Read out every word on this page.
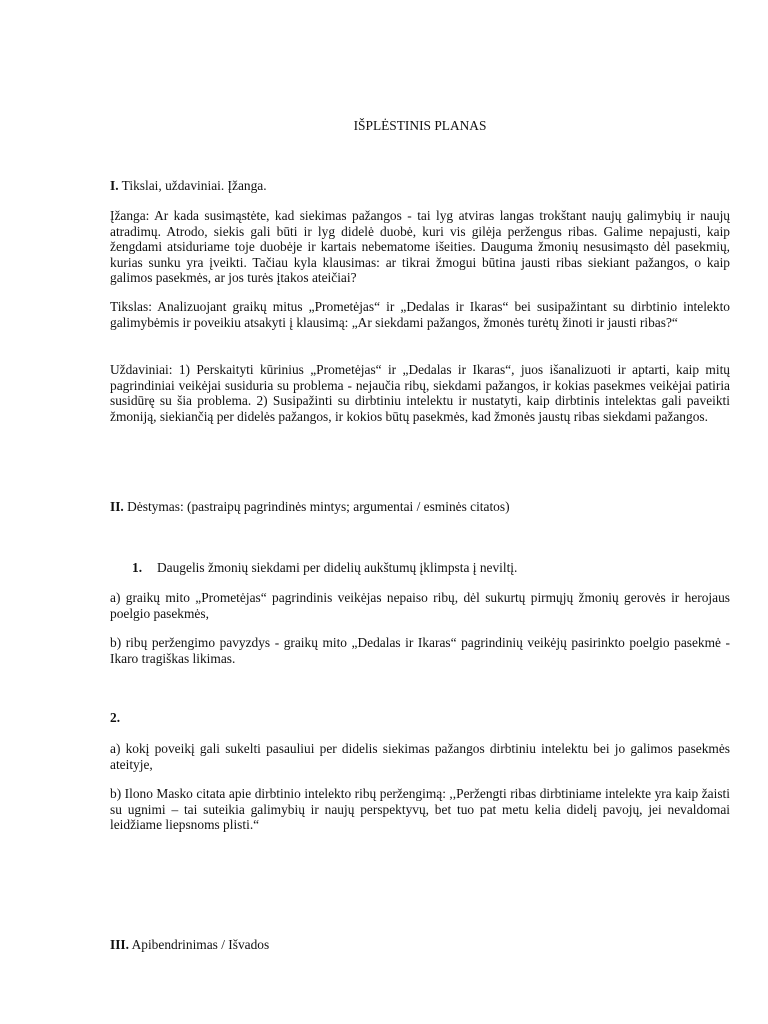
IŠPLĖSTINIS PLANAS
I. Tikslai, uždaviniai. Įžanga.
Įžanga: Ar kada susimąstėte, kad siekimas pažangos - tai lyg atviras langas trokštant naujų galimybių ir naujų atradimų. Atrodo, siekis gali būti ir lyg didelė duobė, kuri vis gilėja peržengus ribas. Galime nepajusti, kaip žengdami atsiduriame toje duobėje ir kartais nebematome išeities. Dauguma žmonių nesusimąsto dėl pasekmių, kurias sunku yra įveikti. Tačiau kyla klausimas: ar tikrai žmogui būtina jausti ribas siekiant pažangos, o kaip galimos pasekmės, ar jos turės įtakos ateičiai?
Tikslas: Analizuojant graikų mitus „Prometėjas“ ir „Dedalas ir Ikaras“ bei susipažintant su dirbtinio intelekto galimybėmis ir poveikiu atsakyti į klausimą: „Ar siekdami pažangos, žmonės turėtų žinoti ir jausti ribas?“
Uždaviniai: 1) Perskaityti kūrinius „Prometėjas“ ir „Dedalas ir Ikaras“, juos išanalizuoti ir aptarti, kaip mitų pagrindiniai veikėjai susiduria su problema - nejaučia ribų, siekdami pažangos, ir kokias pasekmes veikėjai patiria susidūrę su šia problema. 2) Susipažinti su dirbtiniu intelektu ir nustatyti, kaip dirbtinis intelektas gali paveikti žmoniją, siekiančią per didelės pažangos, ir kokios būtų pasekmės, kad žmonės jaustų ribas siekdami pažangos.
II. Dėstymas: (pastraipų pagrindinės mintys; argumentai / esminės citatos)
1. Daugelis žmonių siekdami per didelių aukštumų įklimpsta į neviltį.
a) graikų mito „Prometėjas“ pagrindinis veikėjas nepaiso ribų, dėl sukurtų pirmųjų žmonių gerovės ir herojaus poelgio pasekmės,
b) ribų peržengimo pavyzdys - graikų mito „Dedalas ir Ikaras“ pagrindinių veikėjų pasirinkto poelgio pasekmė - Ikaro tragiškas likimas.
2.
a) kokį poveikį gali sukelti pasauliui per didelis siekimas pažangos dirbtiniu intelektu bei jo galimos pasekmės ateityje,
b) Ilono Masko citata apie dirbtinio intelekto ribų peržengimą: ,,Peržengti ribas dirbtiniame intelekte yra kaip žaisti su ugnimi – tai suteikia galimybių ir naujų perspektyvų, bet tuo pat metu kelia didelį pavojų, jei nevaldomai leidžiame liepsnoms plisti.“
III. Apibendrinimas / Išvados
